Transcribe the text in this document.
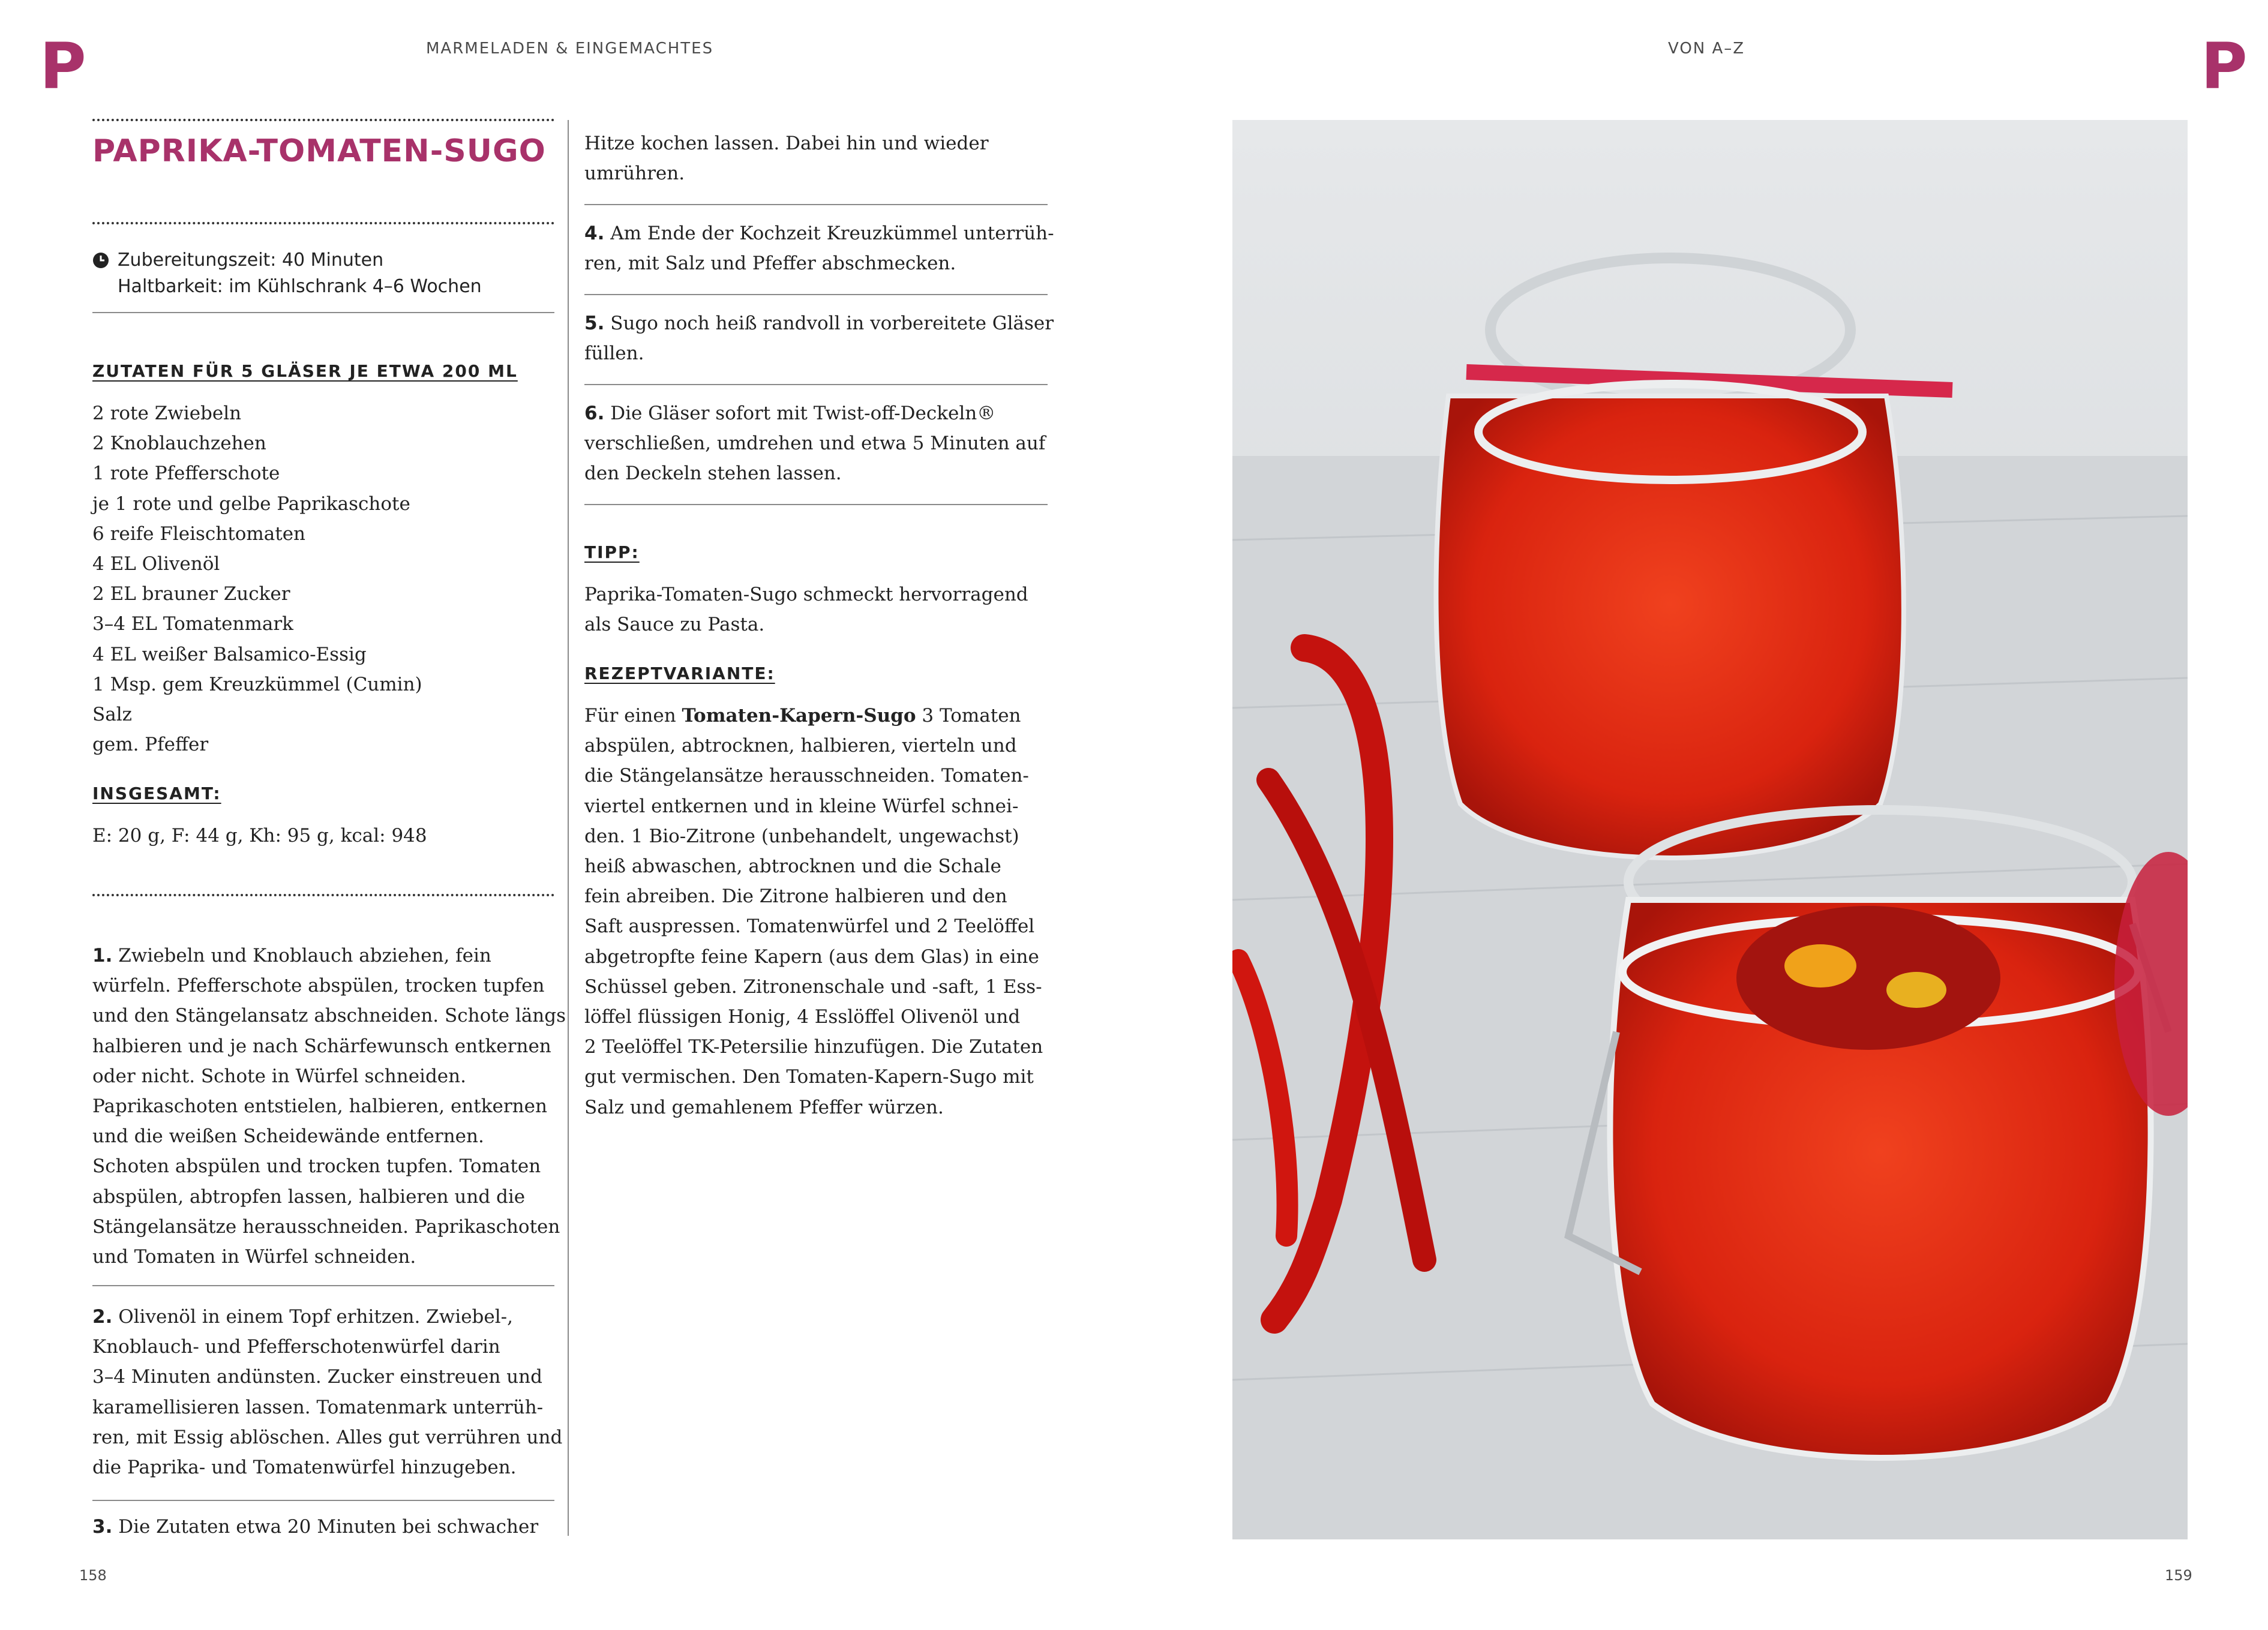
P	P
MARMELADEN & EINGEMACHTES	VON A–Z
PAPRIKA-TOMATEN-SUGO
Zubereitungszeit: 40 Minuten
Haltbarkeit: im Kühlschrank 4–6 Wochen
ZUTATEN FÜR 5 GLÄSER JE ETWA 200 ML
2 rote Zwiebeln
2 Knoblauchzehen
1 rote Pfefferschote
je 1 rote und gelbe Paprikaschote
6 reife Fleischtomaten
4 EL Olivenöl
2 EL brauner Zucker
3–4 EL Tomatenmark
4 EL weißer Balsamico-Essig
1 Msp. gem Kreuzkümmel (Cumin)
Salz
gem. Pfeffer
INSGESAMT:
E: 20 g, F: 44 g, Kh: 95 g, kcal: 948
1. Zwiebeln und Knoblauch abziehen, fein
würfeln. Pfefferschote abspülen, trocken tupfen
und den Stängelansatz abschneiden. Schote längs
halbieren und je nach Schärfewunsch entkernen
oder nicht. Schote in Würfel schneiden.
Paprikaschoten entstielen, halbieren, entkernen
und die weißen Scheidewände entfernen.
Schoten abspülen und trocken tupfen. Tomaten
abspülen, abtropfen lassen, halbieren und die
Stängelansätze herausschneiden. Paprikaschoten
und Tomaten in Würfel schneiden.
2. Olivenöl in einem Topf erhitzen. Zwiebel-,
Knoblauch- und Pfefferschotenwürfel darin
3–4 Minuten andünsten. Zucker einstreuen und
karamellisieren lassen. Tomatenmark unterrüh-
ren, mit Essig ablöschen. Alles gut verrühren und
die Paprika- und Tomatenwürfel hinzugeben.
3. Die Zutaten etwa 20 Minuten bei schwacher
Hitze kochen lassen. Dabei hin und wieder
umrühren.
4. Am Ende der Kochzeit Kreuzkümmel unterrüh-
ren, mit Salz und Pfeffer abschmecken.
5. Sugo noch heiß randvoll in vorbereitete Gläser
füllen.
6. Die Gläser sofort mit Twist-off-Deckeln®
verschließen, umdrehen und etwa 5 Minuten auf
den Deckeln stehen lassen.
TIPP:
Paprika-Tomaten-Sugo schmeckt hervorragend
als Sauce zu Pasta.
REZEPTVARIANTE:
Für einen Tomaten-Kapern-Sugo 3 Tomaten
abspülen, abtrocknen, halbieren, vierteln und
die Stängelansätze herausschneiden. Tomaten-
viertel entkernen und in kleine Würfel schnei-
den. 1 Bio-Zitrone (unbehandelt, ungewachst)
heiß abwaschen, abtrocknen und die Schale
fein abreiben. Die Zitrone halbieren und den
Saft auspressen. Tomatenwürfel und 2 Teelöffel
abgetropfte feine Kapern (aus dem Glas) in eine
Schüssel geben. Zitronenschale und -saft, 1 Ess-
löffel flüssigen Honig, 4 Esslöffel Olivenöl und
2 Teelöffel TK-Petersilie hinzufügen. Die Zutaten
gut vermischen. Den Tomaten-Kapern-Sugo mit
Salz und gemahlenem Pfeffer würzen.
158	159
